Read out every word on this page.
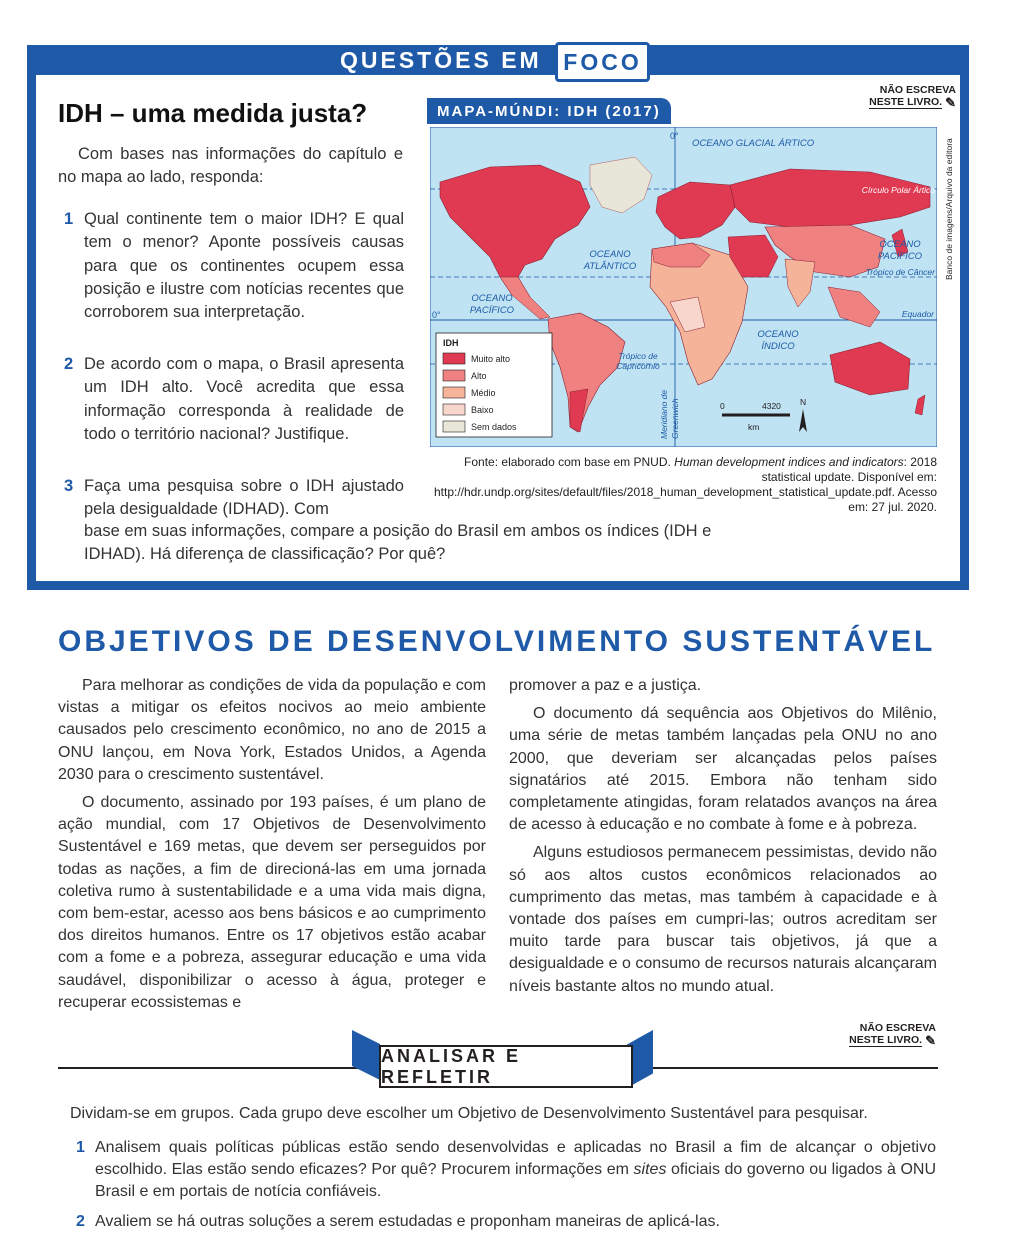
QUESTÕES EM FOCO
NÃO ESCREVA
NESTE LIVRO. ✎
IDH – uma medida justa?
Com bases nas informações do capítulo e no mapa ao lado, responda:
1 Qual continente tem o maior IDH? E qual tem o menor? Aponte possíveis causas para que os continentes ocupem essa posição e ilustre com notícias recentes que corroborem sua interpretação.
2 De acordo com o mapa, o Brasil apresenta um IDH alto. Você acredita que essa informação corresponda à realidade de todo o território nacional? Justifique.
3 Faça uma pesquisa sobre o IDH ajustado pela desigualdade (IDHAD). Com
base em suas informações, compare a posição do Brasil em ambos os índices (IDH e IDHAD). Há diferença de classificação? Por quê?
MAPA-MÚNDI: IDH (2017)
OCEANO GLACIAL ÁRTICO
0°
Círculo Polar Ártico
OCEANO
ATLÂNTICO
OCEANO
PACÍFICO
Trópico de Câncer
OCEANO
PACÍFICO
0°	Equador
OCEANO
ÍNDICO
Trópico de
Capricórnio
Meridiano de Greenwich
IDH
Muito alto
Alto
Médio
Baixo
Sem dados
0	4320
km
N
Banco de imagens/Arquivo da editora
Fonte: elaborado com base em PNUD. Human development indices and indicators: 2018 statistical update. Disponível em: http://hdr.undp.org/sites/default/files/2018_human_development_statistical_update.pdf. Acesso em: 27 jul. 2020.
OBJETIVOS DE DESENVOLVIMENTO SUSTENTÁVEL

Para melhorar as condições de vida da população e com vistas a mitigar os efeitos nocivos ao meio ambiente causados pelo crescimento econômico, no ano de 2015 a ONU lançou, em Nova York, Estados Unidos, a Agenda 2030 para o crescimento sustentável.

O documento, assinado por 193 países, é um plano de ação mundial, com 17 Objetivos de Desenvolvimento Sustentável e 169 metas, que devem ser perseguidos por todas as nações, a fim de direcioná-las em uma jornada coletiva rumo à sustentabilidade e a uma vida mais digna, com bem-estar, acesso aos bens básicos e ao cumprimento dos direitos humanos. Entre os 17 objetivos estão acabar com a fome e a pobreza, assegurar educação e uma vida saudável, disponibilizar o acesso à água, proteger e recuperar ecossistemas e

promover a paz e a justiça.

O documento dá sequência aos Objetivos do Milênio, uma série de metas também lançadas pela ONU no ano 2000, que deveriam ser alcançadas pelos países signatários até 2015. Embora não tenham sido completamente atingidas, foram relatados avanços na área de acesso à educação e no combate à fome e à pobreza.

Alguns estudiosos permanecem pessimistas, devido não só aos altos custos econômicos relacionados ao cumprimento das metas, mas também à capacidade e à vontade dos países em cumpri-las; outros acreditam ser muito tarde para buscar tais objetivos, já que a desigualdade e o consumo de recursos naturais alcançaram níveis bastante altos no mundo atual.

NÃO ESCREVA
NESTE LIVRO. ✎
ANALISAR E REFLETIR
Dividam-se em grupos. Cada grupo deve escolher um Objetivo de Desenvolvimento Sustentável para pesquisar.
1 Analisem quais políticas públicas estão sendo desenvolvidas e aplicadas no Brasil a fim de alcançar o objetivo escolhido. Elas estão sendo eficazes? Por quê? Procurem informações em sites oficiais do governo ou ligados à ONU Brasil e em portais de notícia confiáveis.
2 Avaliem se há outras soluções a serem estudadas e proponham maneiras de aplicá-las.
